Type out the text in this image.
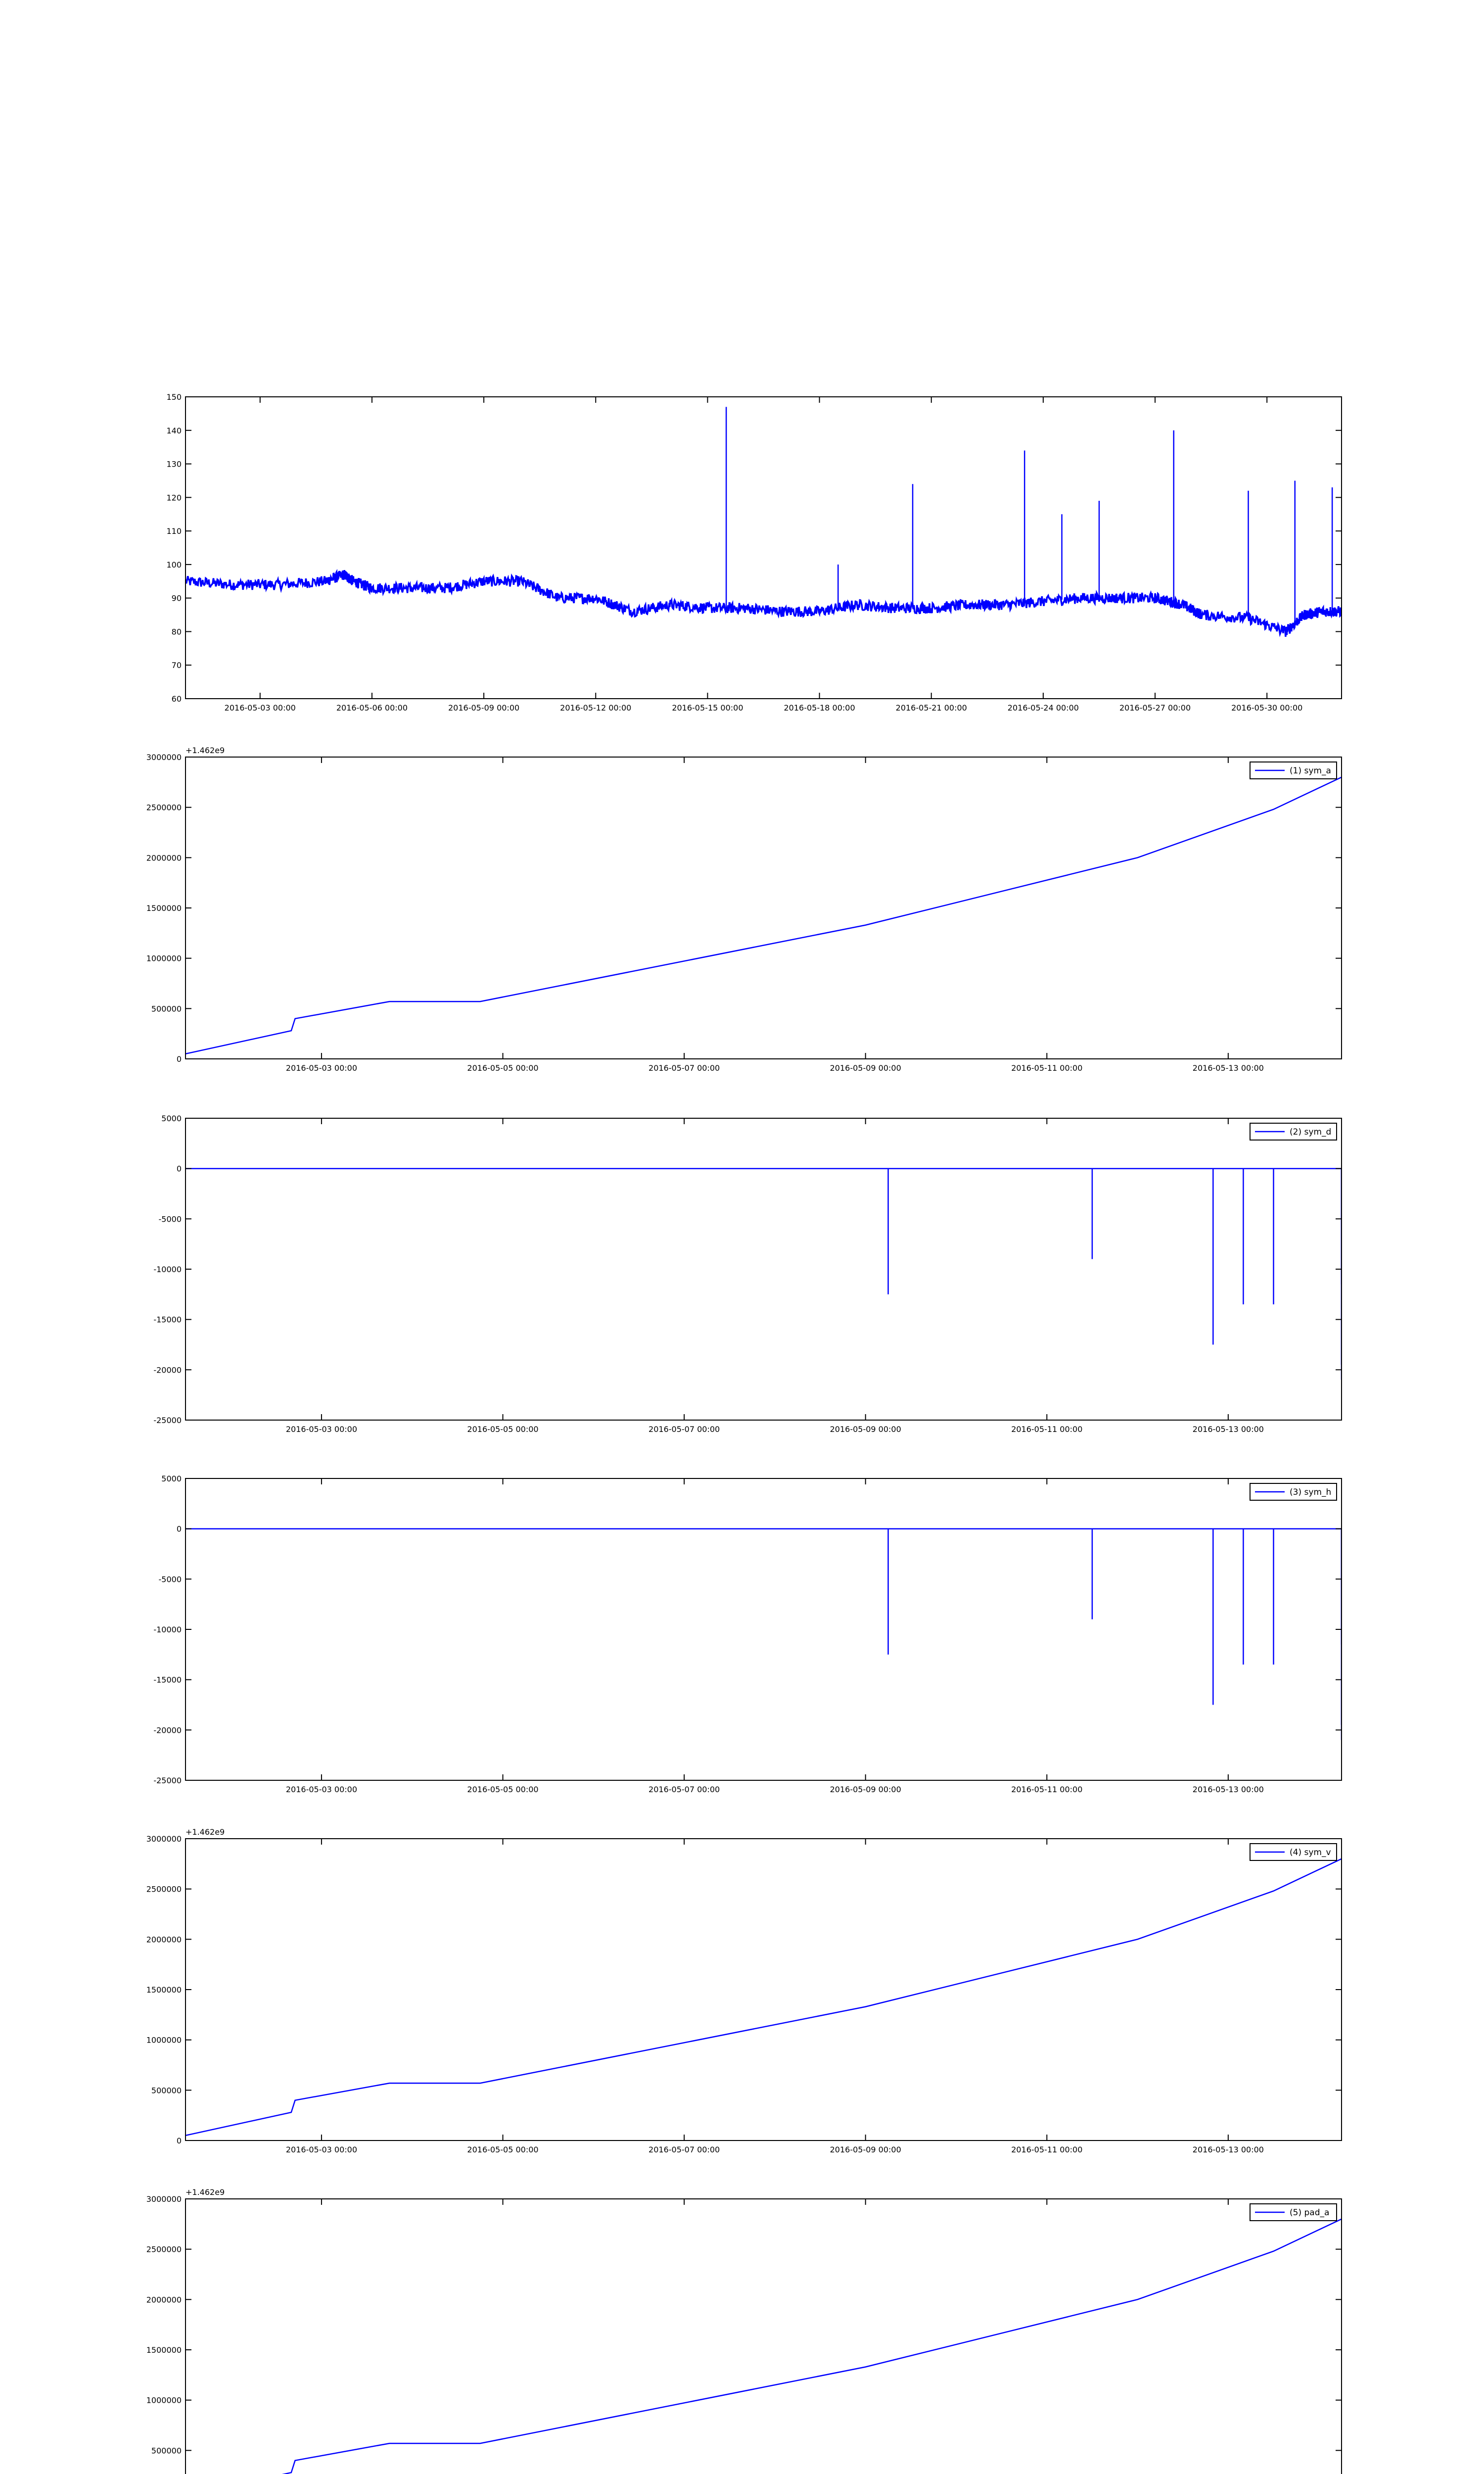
2016-05-03 00:00	2016-05-06 00:00	2016-05-09 00:00	2016-05-12 00:00	2016-05-15 00:00	2016-05-18 00:00	2016-05-21 00:00	2016-05-24 00:00	2016-05-27 00:00	2016-05-30 00:00
60
70
80
90
100
110
120
130
140
150
2016-05-03 00:00	2016-05-05 00:00	2016-05-07 00:00	2016-05-09 00:00	2016-05-11 00:00	2016-05-13 00:00
0
500000
1000000
1500000
2000000
2500000
3000000
+1.462e9
(1) sym_a
2016-05-03 00:00	2016-05-05 00:00	2016-05-07 00:00	2016-05-09 00:00	2016-05-11 00:00	2016-05-13 00:00
-25000
-20000
-15000
-10000
-5000
0
5000
(2) sym_d
2016-05-03 00:00	2016-05-05 00:00	2016-05-07 00:00	2016-05-09 00:00	2016-05-11 00:00	2016-05-13 00:00
-25000
-20000
-15000
-10000
-5000
0
5000
(3) sym_h
2016-05-03 00:00	2016-05-05 00:00	2016-05-07 00:00	2016-05-09 00:00	2016-05-11 00:00	2016-05-13 00:00
0
500000
1000000
1500000
2000000
2500000
3000000
+1.462e9
(4) sym_v
500000
1000000
1500000
2000000
2500000
3000000
+1.462e9
(5) pad_a
